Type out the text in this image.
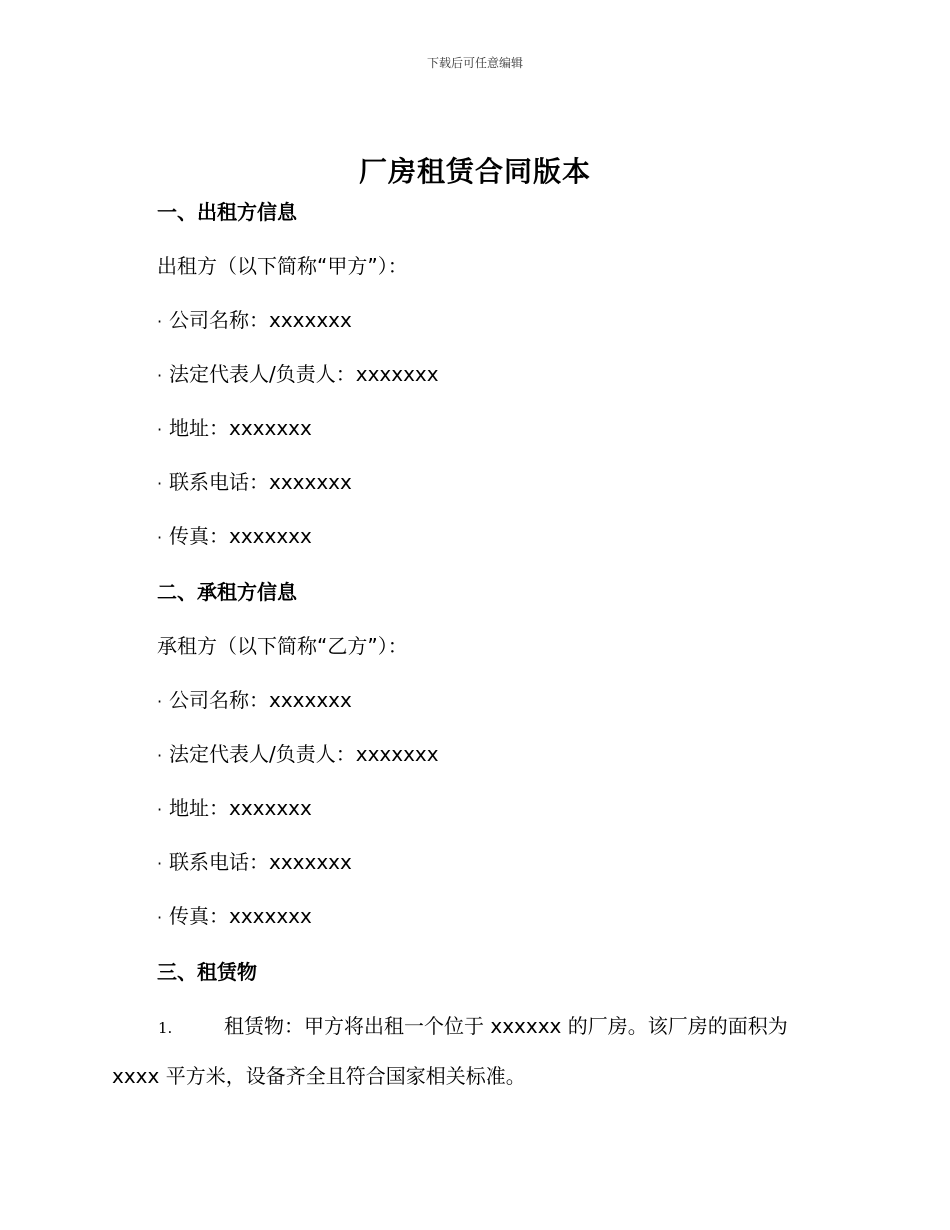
下载后可任意编辑
厂房租赁合同版本
一、出租方信息
出租方（以下简称“甲方”）：
· 公司名称：xxxxxxx
· 法定代表人/负责人：xxxxxxx
· 地址：xxxxxxx
· 联系电话：xxxxxxx
· 传真：xxxxxxx
二、承租方信息
承租方（以下简称“乙方”）：
· 公司名称：xxxxxxx
· 法定代表人/负责人：xxxxxxx
· 地址：xxxxxxx
· 联系电话：xxxxxxx
· 传真：xxxxxxx
三、租赁物
1.	租赁物：甲方将出租一个位于 xxxxxx 的厂房。该厂房的面积为 xxxx 平方米，设备齐全且符合国家相关标准。
